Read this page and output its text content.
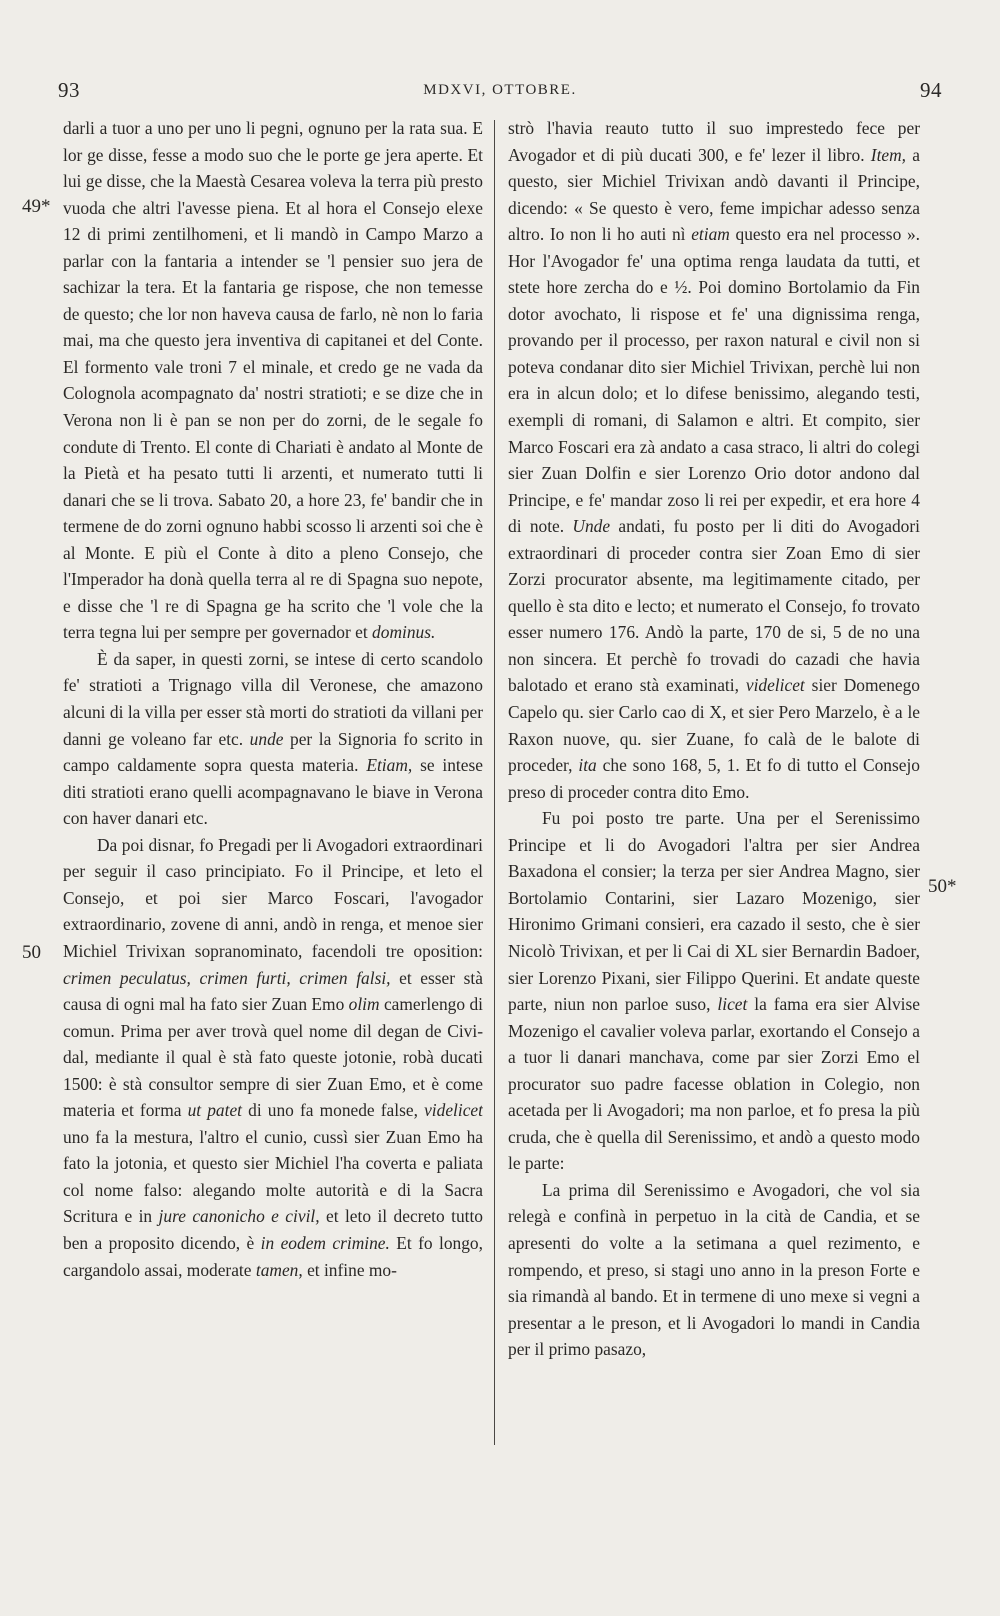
93	MDXVI, OTTOBRE.	94
49*
50
50*

darli a tuor a uno per uno li pegni, ognuno per la rata sua. E lor ge disse, fesse a modo suo che le porte ge jera aperte. Et lui ge disse, che la Maestà Cesarea voleva la terra più presto vuoda che altri l'avesse piena. Et al hora el Consejo elexe 12 di primi zentilhomeni, et li mandò in Campo Marzo a parlar con la fantaria a intender se 'l pensier suo jera de sachizar la tera. Et la fantaria ge rispose, che non temesse de questo; che lor non haveva causa de farlo, nè non lo faria mai, ma che questo jera inventiva di capitanei et del Conte. El formento vale troni 7 el minale, et credo ge ne vada da Colognola acompagnato da' nostri stratioti; e se dize che in Verona non li è pan se non per do zorni, de le segale fo condute di Trento. El conte di Chariati è andato al Monte de la Pietà et ha pesato tutti li arzenti, et numerato tutti li danari che se li trova. Sabato 20, a hore 23, fe' bandir che in termene de do zorni ognuno habbi scosso li arzenti soi che è al Monte. E più el Conte à dito a pleno Consejo, che l'Imperador ha donà quella terra al re di Spagna suo nepote, e disse che 'l re di Spagna ge ha scrito che 'l vole che la terra tegna lui per sempre per governador et dominus.

È da saper, in questi zorni, se intese di certo scandolo fe' stratioti a Trignago villa dil Veronese, che amazono alcuni di la villa per esser stà morti do stratioti da villani per danni ge voleano far etc. unde per la Signoria fo scrito in campo caldamente sopra questa materia. Etiam, se intese diti stratioti erano quelli acompagnavano le biave in Verona con haver danari etc.

Da poi disnar, fo Pregadi per li Avogadori extraordinari per seguir il caso principiato. Fo il Principe, et leto el Consejo, et poi sier Marco Foscari, l'avogador extraordinario, zovene di anni, andò in renga, et menoe sier Michiel Trivixan sopranominato, facendoli tre oposition: crimen peculatus, crimen furti, crimen falsi, et esser stà causa di ogni mal ha fato sier Zuan Emo olim camerlengo di comun. Prima per aver trovà quel nome dil degan de Cividal, mediante il qual è stà fato queste jotonie, robà ducati 1500: è stà consultor sempre di sier Zuan Emo, et è come materia et forma ut patet di uno fa monede false, videlicet uno fa la mestura, l'altro el cunio, cussì sier Zuan Emo ha fato la jotonia, et questo sier Michiel l'ha coverta e paliata col nome falso: alegando molte autorità e di la Sacra Scritura e in jure canonicho e civil, et leto il decreto tutto ben a proposito dicendo, è in eodem crimine. Et fo longo, cargandolo assai, moderate tamen, et infine mo-

strò l'havia reauto tutto il suo imprestedo fece per Avogador et di più ducati 300, e fe' lezer il libro. Item, a questo, sier Michiel Trivixan andò davanti il Principe, dicendo: « Se questo è vero, feme impichar adesso senza altro. Io non li ho auti nì etiam questo era nel processo ». Hor l'Avogador fe' una optima renga laudata da tutti, et stete hore zercha do e ½. Poi domino Bortolamio da Fin dotor avochato, li rispose et fe' una dignissima renga, provando per il processo, per raxon natural e civil non si poteva condanar dito sier Michiel Trivixan, perchè lui non era in alcun dolo; et lo difese benissimo, alegando testi, exempli di romani, di Salamon e altri. Et compito, sier Marco Foscari era zà andato a casa straco, li altri do colegi sier Zuan Dolfin e sier Lorenzo Orio dotor andono dal Principe, e fe' mandar zoso li rei per expedir, et era hore 4 di note. Unde andati, fu posto per li diti do Avogadori extraordinari di proceder contra sier Zoan Emo di sier Zorzi procurator absente, ma legitimamente citado, per quello è sta dito e lecto; et numerato el Consejo, fo trovato esser numero 176. Andò la parte, 170 de si, 5 de no una non sincera. Et perchè fo trovadi do cazadi che havia balotado et erano stà examinati, videlicet sier Domenego Capelo qu. sier Carlo cao di X, et sier Pero Marzelo, è a le Raxon nuove, qu. sier Zuane, fo calà de le balote di proceder, ita che sono 168, 5, 1. Et fo di tutto el Consejo preso di proceder contra dito Emo.

Fu poi posto tre parte. Una per el Serenissimo Principe et li do Avogadori l'altra per sier Andrea Baxadona el consier; la terza per sier Andrea Magno, sier Bortolamio Contarini, sier Lazaro Mozenigo, sier Hironimo Grimani consieri, era cazado il sesto, che è sier Nicolò Trivixan, et per li Cai di XL sier Bernardin Badoer, sier Lorenzo Pixani, sier Filippo Querini. Et andate queste parte, niun non parloe suso, licet la fama era sier Alvise Mozenigo el cavalier voleva parlar, exortando el Consejo a a tuor li danari manchava, come par sier Zorzi Emo el procurator suo padre facesse oblation in Colegio, non acetada per li Avogadori; ma non parloe, et fo presa la più cruda, che è quella dil Serenissimo, et andò a questo modo le parte:

La prima dil Serenissimo e Avogadori, che vol sia relegà e confinà in perpetuo in la cità de Candia, et se apresenti do volte a la setimana a quel rezimento, e rompendo, et preso, si stagi uno anno in la preson Forte e sia rimandà al bando. Et in termene di uno mexe si vegni a presentar a le preson, et li Avogadori lo mandi in Candia per il primo pasazo,
